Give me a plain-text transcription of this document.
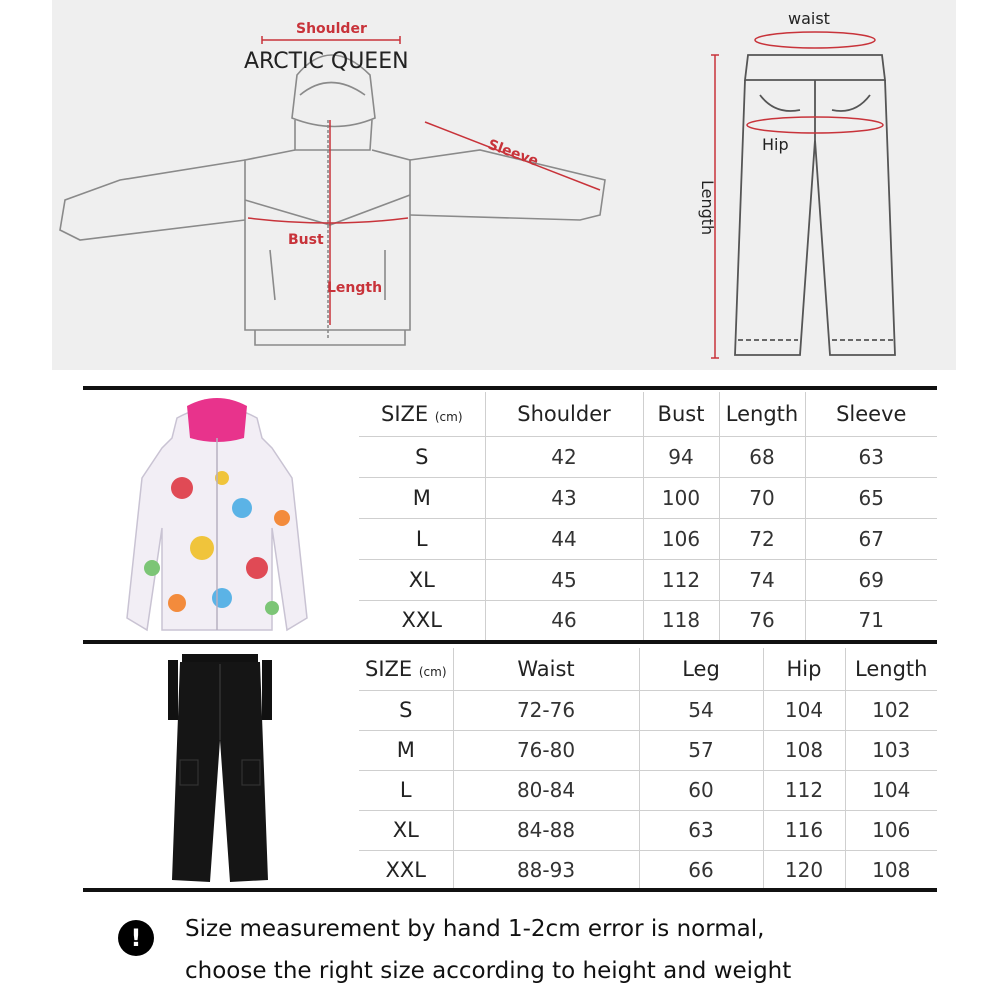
Shoulder
Sleeve
Bust
Length
ARCTIC QUEEN
waist
Hip
Length
SIZE (cm)	Shoulder	Bust	Length	Sleeve
S	42	94	68	63
M	43	100	70	65
L	44	106	72	67
XL	45	112	74	69
XXL	46	118	76	71
SIZE (cm)	Waist	Leg	Hip	Length
S	72-76	54	104	102
M	76-80	57	108	103
L	80-84	60	112	104
XL	84-88	63	116	106
XXL	88-93	66	120	108
!	Size measurement by hand 1-2cm error is normal,
choose the right size according to height and weight
